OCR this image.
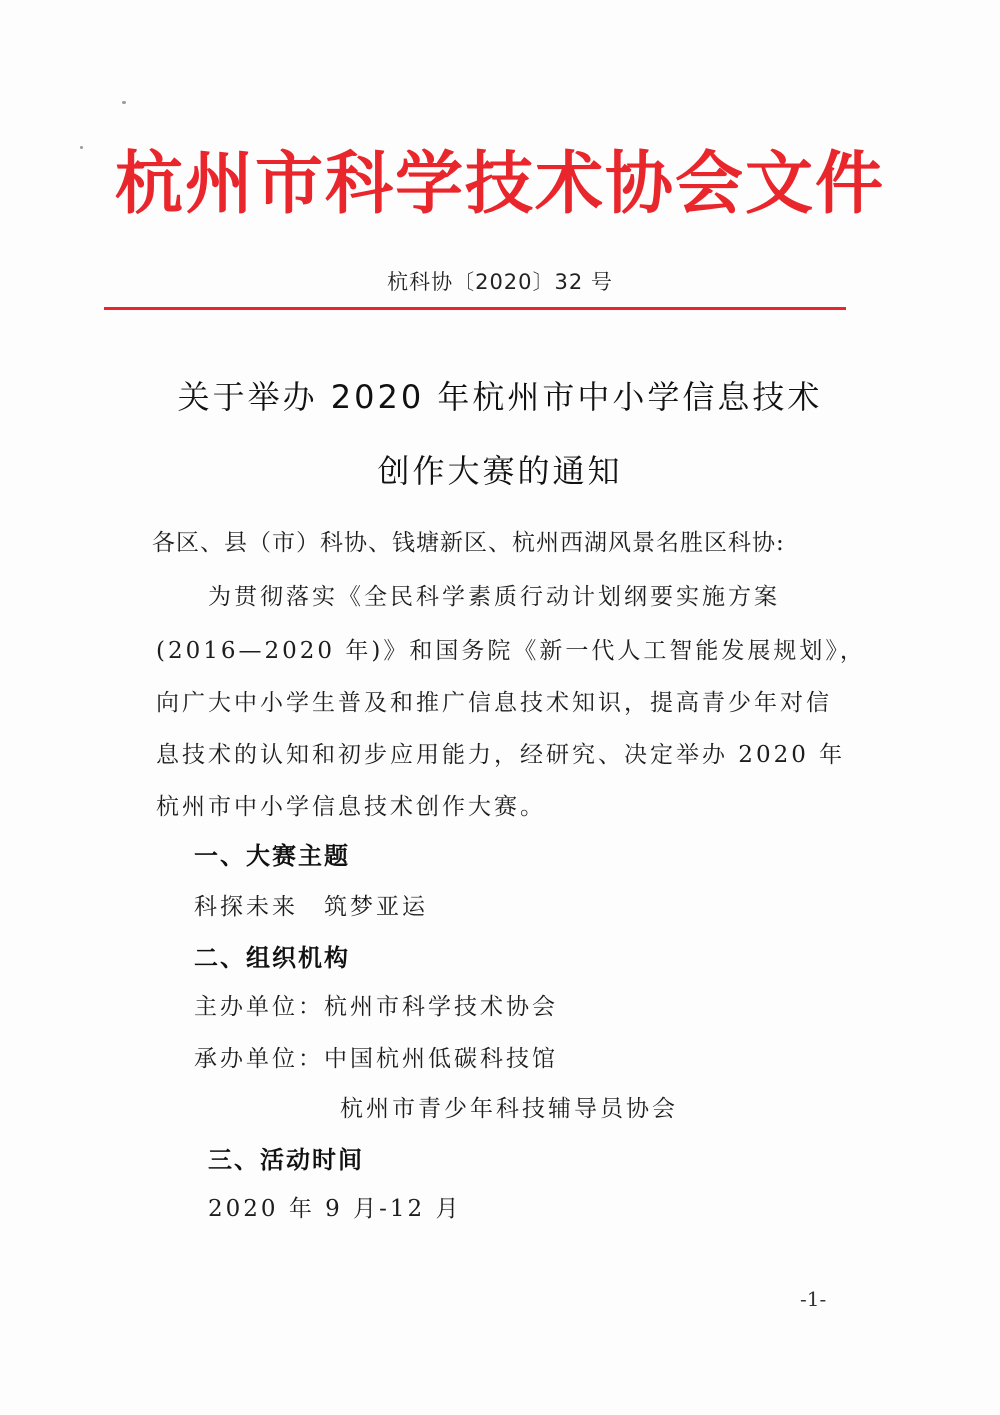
杭州市科学技术协会文件
杭科协〔2020〕32 号
关于举办 2020 年杭州市中小学信息技术
创作大赛的通知
各区、县（市）科协、钱塘新区、杭州西湖风景名胜区科协:
为贯彻落实《全民科学素质行动计划纲要实施方案
(2016—2020 年)》和国务院《新一代人工智能发展规划》，
向广大中小学生普及和推广信息技术知识，提高青少年对信
息技术的认知和初步应用能力，经研究、决定举办 2020 年
杭州市中小学信息技术创作大赛。
一、大赛主题
科探未来　筑梦亚运
二、组织机构
主办单位：杭州市科学技术协会
承办单位：中国杭州低碳科技馆
杭州市青少年科技辅导员协会
三、活动时间
2020 年 9 月-12 月
-1-
